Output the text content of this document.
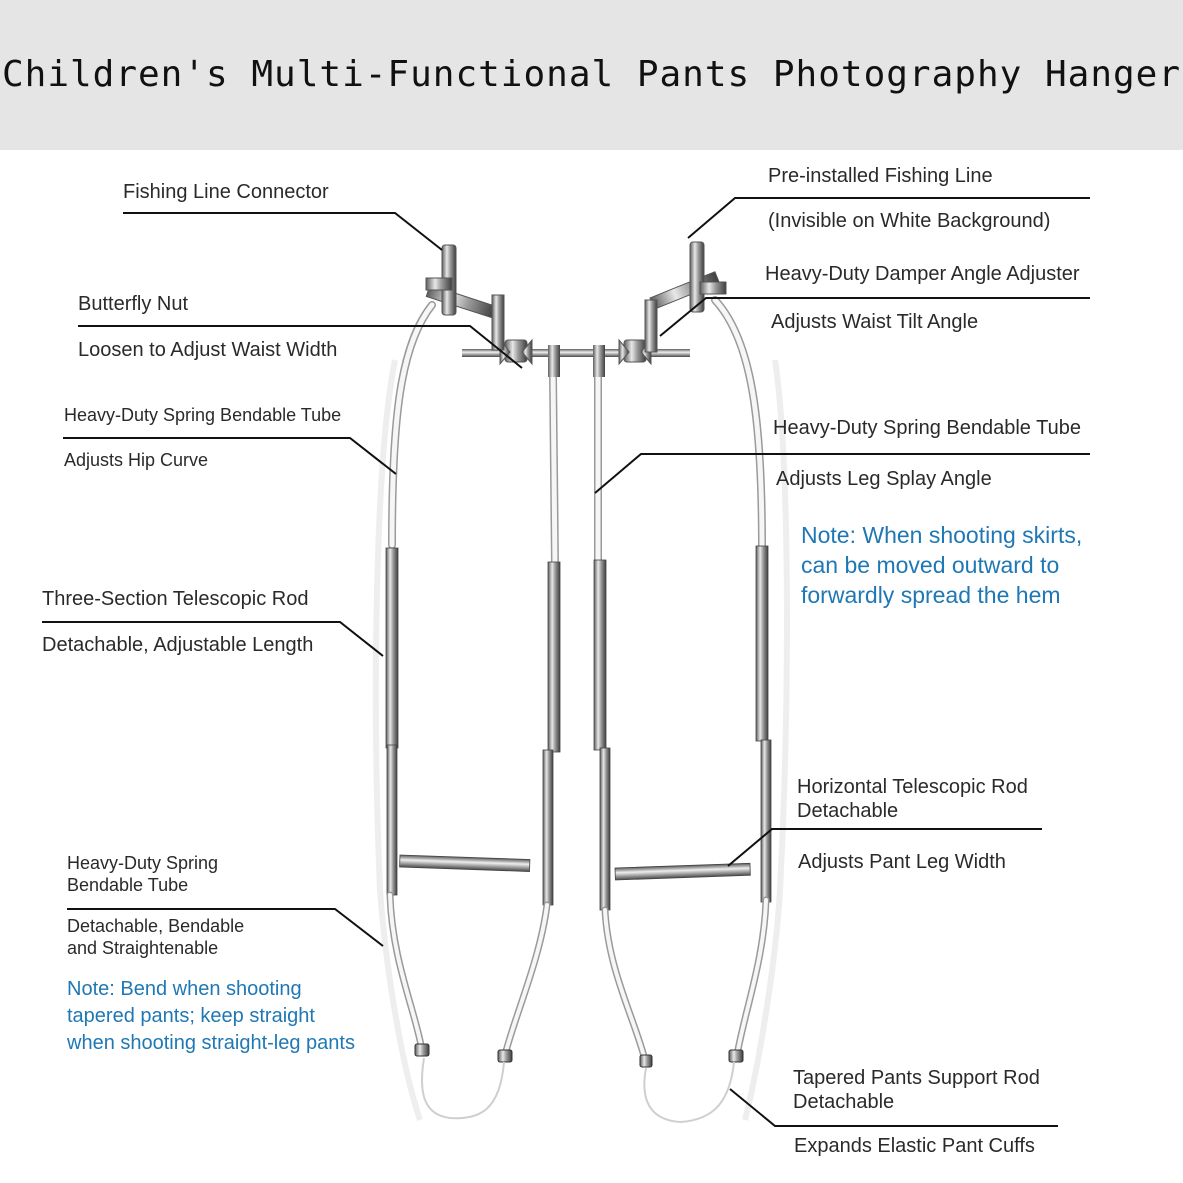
Children's Multi-Functional Pants Photography Hanger
Fishing Line Connector
Butterfly Nut
Loosen to Adjust Waist Width
Heavy-Duty Spring Bendable Tube
Adjusts Hip Curve
Three-Section Telescopic Rod
Detachable, Adjustable Length
Heavy-Duty Spring
Bendable Tube
Detachable, Bendable
and Straightenable
Note: Bend when shooting
tapered pants; keep straight
when shooting straight-leg pants
Pre-installed Fishing Line
(Invisible on White Background)
Heavy-Duty Damper Angle Adjuster
Adjusts Waist Tilt Angle
Heavy-Duty Spring Bendable Tube
Adjusts Leg Splay Angle
Note: When shooting skirts,
can be moved outward to
forwardly spread the hem
Horizontal Telescopic Rod
Detachable
Adjusts Pant Leg Width
Tapered Pants Support Rod
Detachable
Expands Elastic Pant Cuffs
